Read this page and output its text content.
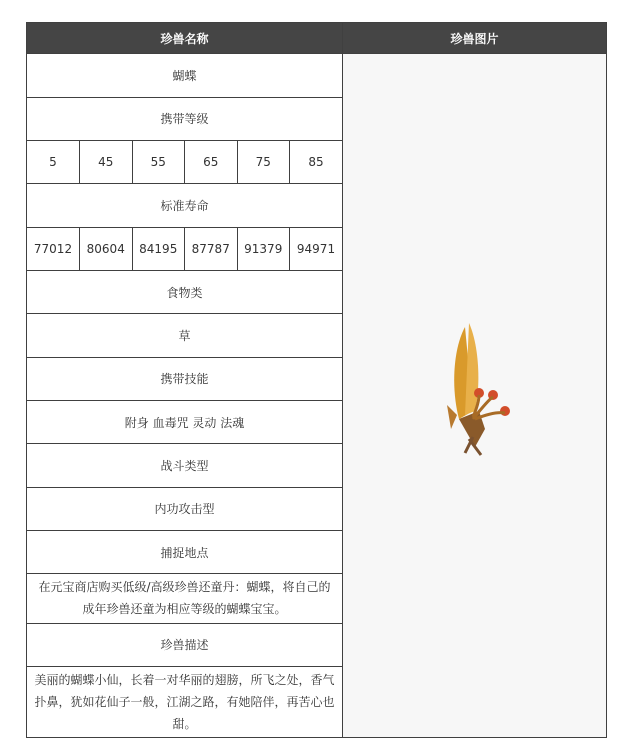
珍兽名称	珍兽图片

蝴蝶
携带等级

5	45	55	65	75	85

标准寿命

77012	80604	84195	87787	91379	94971

食物类
草
携带技能
附身 血毒咒 灵动 法魂
战斗类型
内功攻击型
捕捉地点
在元宝商店购买低级/高级珍兽还童丹：蝴蝶，将自己的成年珍兽还童为相应等级的蝴蝶宝宝。
珍兽描述
美丽的蝴蝶小仙，长着一对华丽的翅膀，所飞之处，香气扑鼻，犹如花仙子一般，江湖之路，有她陪伴，再苦心也甜。
